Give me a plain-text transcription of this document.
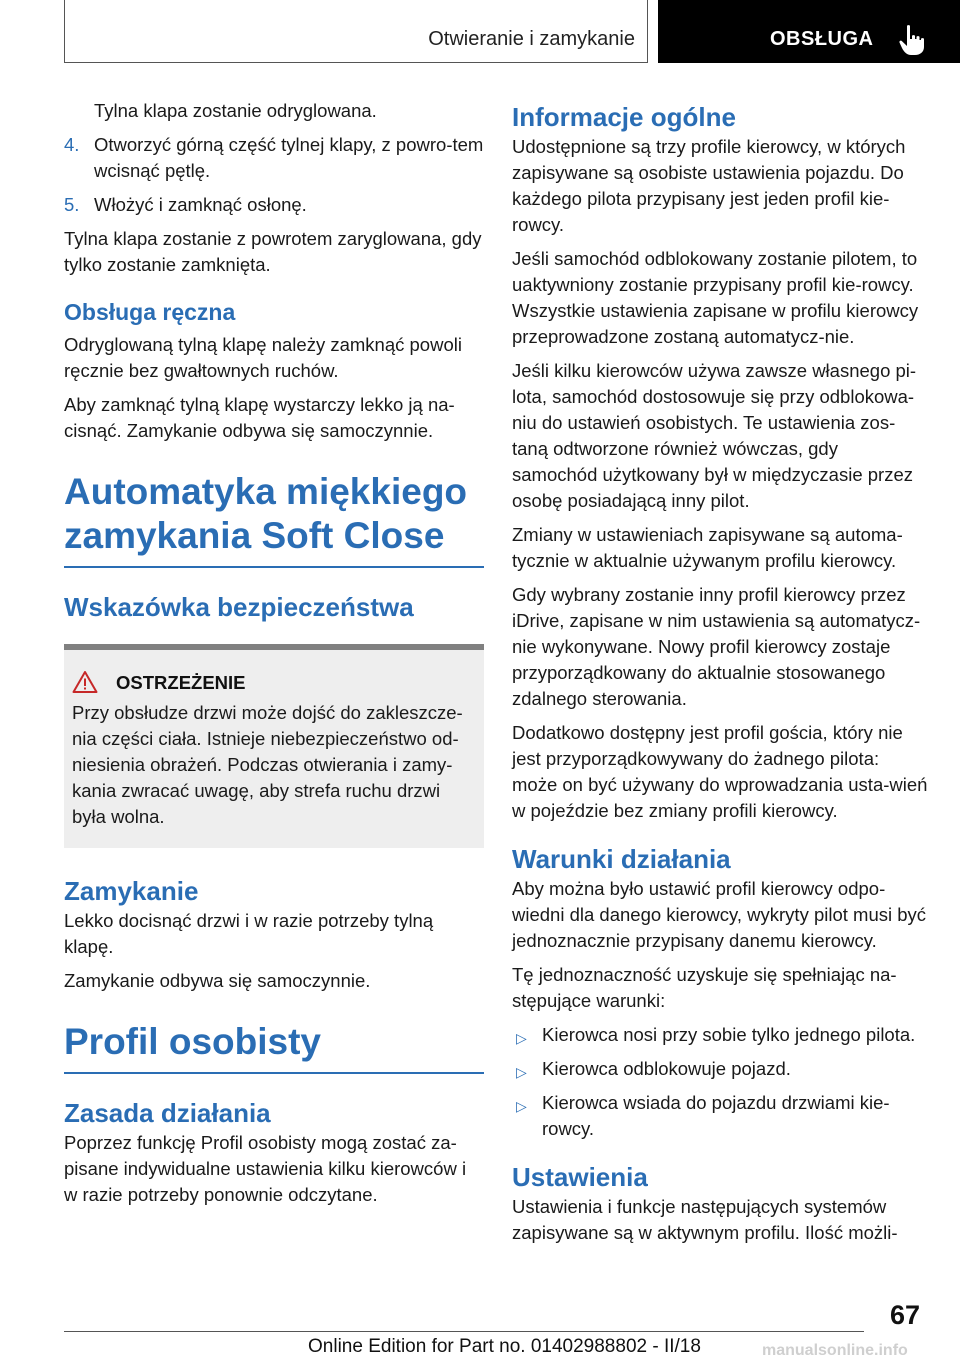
Otwieranie i zamykanie	OBSŁUGA

Tylna klapa zostanie odryglowana.

4. Otworzyć górną część tylnej klapy, z powro-tem wcisnąć pętlę.
5. Włożyć i zamknąć osłonę.

Tylna klapa zostanie z powrotem zaryglowana, gdy tylko zostanie zamknięta.

Obsługa ręczna

Odryglowaną tylną klapę należy zamknąć powoli ręcznie bez gwałtownych ruchów.

Aby zamknąć tylną klapę wystarczy lekko ją na-cisnąć. Zamykanie odbywa się samoczynnie.

Automatyka miękkiego zamykania Soft Close
Wskazówka bezpieczeństwa
OSTRZEŻENIE

Przy obsłudze drzwi może dojść do zakleszcze-nia części ciała. Istnieje niebezpieczeństwo od-niesienia obrażeń. Podczas otwierania i zamy-kania zwracać uwagę, aby strefa ruchu drzwi była wolna.

Zamykanie

Lekko docisnąć drzwi i w razie potrzeby tylną klapę.

Zamykanie odbywa się samoczynnie.

Profil osobisty
Zasada działania

Poprzez funkcję Profil osobisty mogą zostać za-pisane indywidualne ustawienia kilku kierowców i w razie potrzeby ponownie odczytane.

Informacje ogólne

Udostępnione są trzy profile kierowcy, w których zapisywane są osobiste ustawienia pojazdu. Do każdego pilota przypisany jest jeden profil kie-rowcy.

Jeśli samochód odblokowany zostanie pilotem, to uaktywniony zostanie przypisany profil kie-rowcy. Wszystkie ustawienia zapisane w profilu kierowcy przeprowadzone zostaną automatycz-nie.

Jeśli kilku kierowców używa zawsze własnego pi-lota, samochód dostosowuje się przy odblokowa-niu do ustawień osobistych. Te ustawienia zos-taną odtworzone również wówczas, gdy samochód użytkowany był w międzyczasie przez osobę posiadającą inny pilot.

Zmiany w ustawieniach zapisywane są automa-tycznie w aktualnie używanym profilu kierowcy.

Gdy wybrany zostanie inny profil kierowcy przez iDrive, zapisane w nim ustawienia są automatycz-nie wykonywane. Nowy profil kierowcy zostaje przyporządkowany do aktualnie stosowanego zdalnego sterowania.

Dodatkowo dostępny jest profil gościa, który nie jest przyporządkowywany do żadnego pilota: może on być używany do wprowadzania usta-wień w pojeździe bez zmiany profili kierowcy.

Warunki działania

Aby można było ustawić profil kierowcy odpo-wiedni dla danego kierowcy, wykryty pilot musi być jednoznacznie przypisany danemu kierowcy.

Tę jednoznaczność uzyskuje się spełniając na-stępujące warunki:

▷ Kierowca nosi przy sobie tylko jednego pilota.
▷ Kierowca odblokowuje pojazd.
▷ Kierowca wsiada do pojazdu drzwiami kie-rowcy.
Ustawienia

Ustawienia i funkcje następujących systemów zapisywane są w aktywnym profilu. Ilość możli-

67
Online Edition for Part no. 01402988802 - II/18	manualsonline.info
